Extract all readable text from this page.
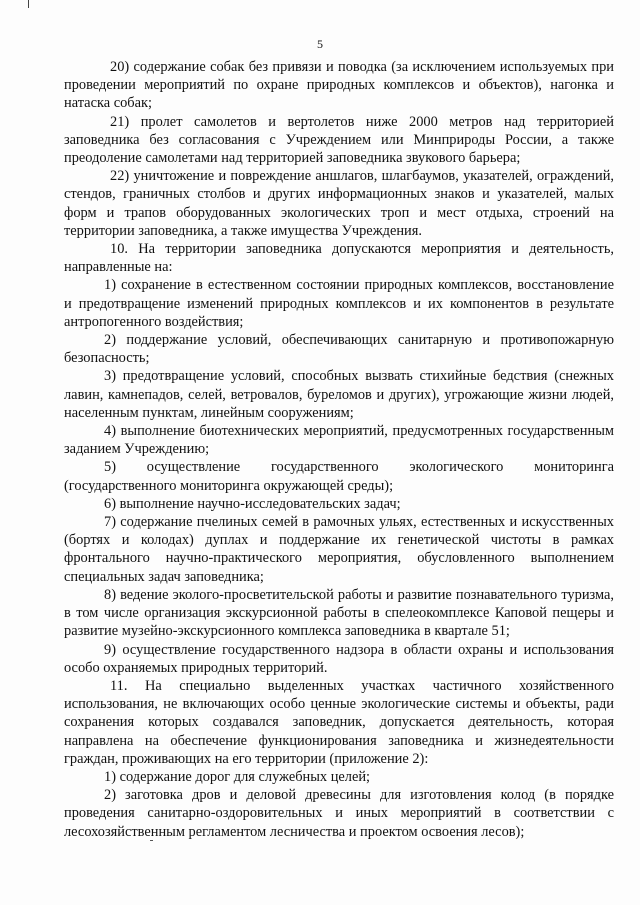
5

20) содержание собак без привязи и поводка (за исключением используемых при проведении мероприятий по охране природных комплексов и объектов), нагонка и натаска собак;

21) пролет самолетов и вертолетов ниже 2000 метров над территорией заповедника без согласования с Учреждением или Минприроды России, а также преодоление самолетами над территорией заповедника звукового барьера;

22) уничтожение и повреждение аншлагов, шлагбаумов, указателей, ограждений, стендов, граничных столбов и других информационных знаков и указателей, малых форм и трапов оборудованных экологических троп и мест отдыха, строений на территории заповедника, а также имущества Учреждения.

10. На территории заповедника допускаются мероприятия и деятельность, направленные на:

1) сохранение в естественном состоянии природных комплексов, восстановление и предотвращение изменений природных комплексов и их компонентов в результате антропогенного воздействия;

2) поддержание условий, обеспечивающих санитарную и противопожарную безопасность;

3) предотвращение условий, способных вызвать стихийные бедствия (снежных лавин, камнепадов, селей, ветровалов, буреломов и других), угрожающие жизни людей, населенным пунктам, линейным сооружениям;

4) выполнение биотехнических мероприятий, предусмотренных государственным заданием Учреждению;

5) осуществление государственного экологического мониторинга (государственного мониторинга окружающей среды);

6) выполнение научно-исследовательских задач;

7) содержание пчелиных семей в рамочных ульях, естественных и искусственных (бортях и колодах) дуплах и поддержание их генетической чистоты в рамках фронтального научно-практического мероприятия, обусловленного выполнением специальных задач заповедника;

8) ведение эколого-просветительской работы и развитие познавательного туризма, в том числе организация экскурсионной работы в спелеокомплексе Каповой пещеры и развитие музейно-экскурсионного комплекса заповедника в квартале 51;

9) осуществление государственного надзора в области охраны и использования особо охраняемых природных территорий.

11. На специально выделенных участках частичного хозяйственного использования, не включающих особо ценные экологические системы и объекты, ради сохранения которых создавался заповедник, допускается деятельность, которая направлена на обеспечение функционирования заповедника и жизнедеятельности граждан, проживающих на его территории (приложение 2):

1) содержание дорог для служебных целей;

2) заготовка дров и деловой древесины для изготовления колод (в порядке проведения санитарно-оздоровительных и иных мероприятий в соответствии с лесохозяйственным регламентом лесничества и проектом освоения лесов);
